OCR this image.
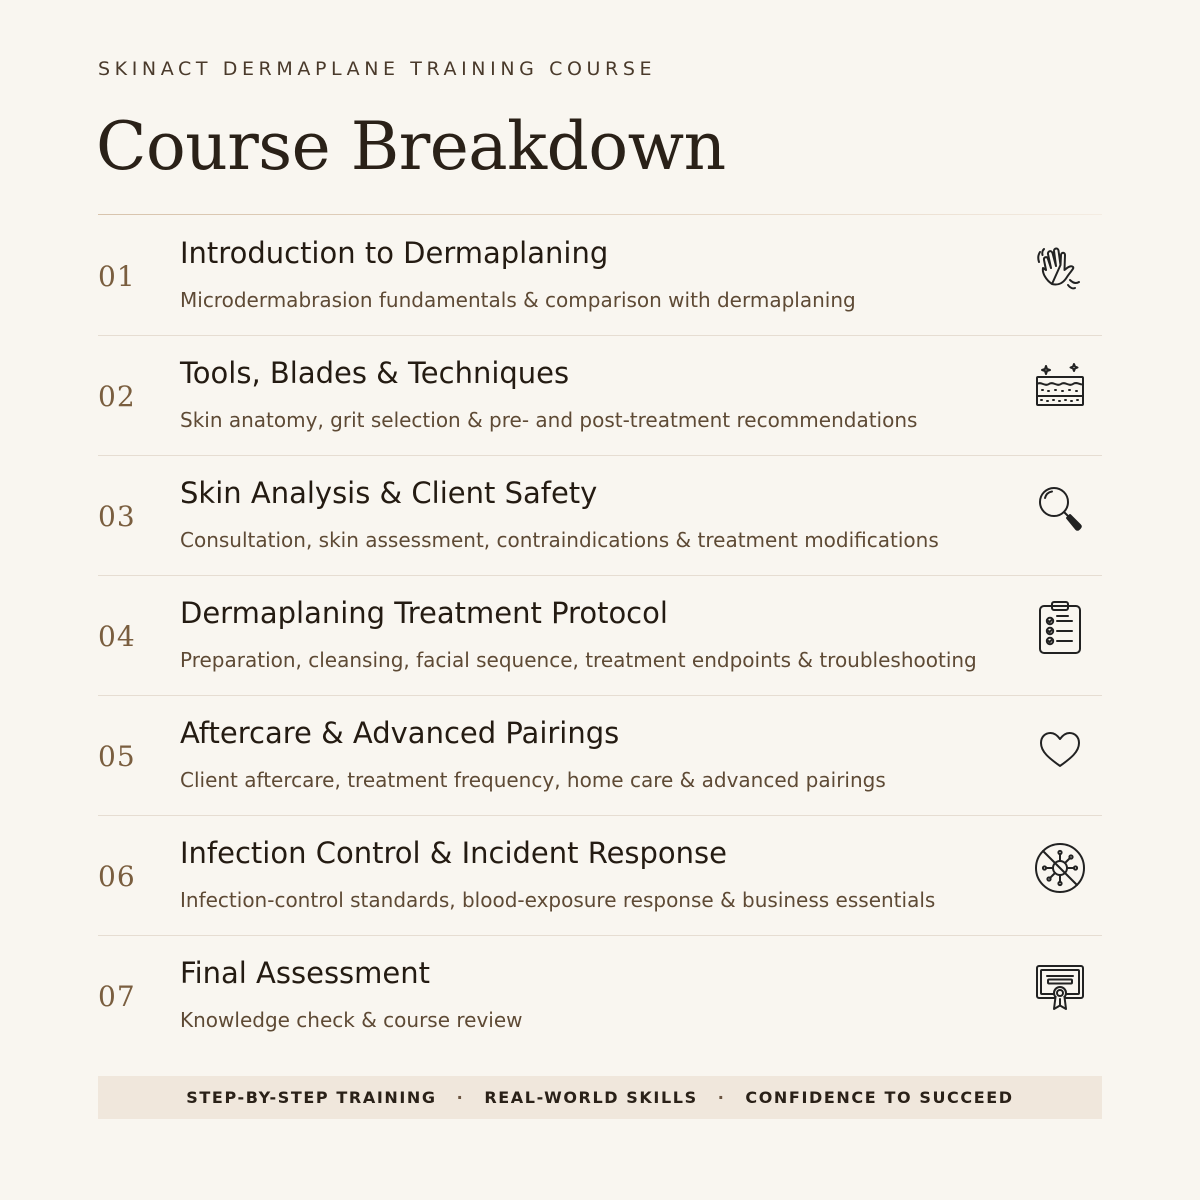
SKINACT DERMAPLANE TRAINING COURSE
Course Breakdown
01
Introduction to Dermaplaning

Microdermabrasion fundamentals & comparison with dermaplaning

02
Tools, Blades & Techniques

Skin anatomy, grit selection & pre- and post-treatment recommendations

03
Skin Analysis & Client Safety

Consultation, skin assessment, contraindications & treatment modifications

04
Dermaplaning Treatment Protocol

Preparation, cleansing, facial sequence, treatment endpoints & troubleshooting

05
Aftercare & Advanced Pairings

Client aftercare, treatment frequency, home care & advanced pairings

06
Infection Control & Incident Response

Infection-control standards, blood-exposure response & business essentials

07
Final Assessment

Knowledge check & course review

STEP-BY-STEP TRAINING · REAL-WORLD SKILLS · CONFIDENCE TO SUCCEED
